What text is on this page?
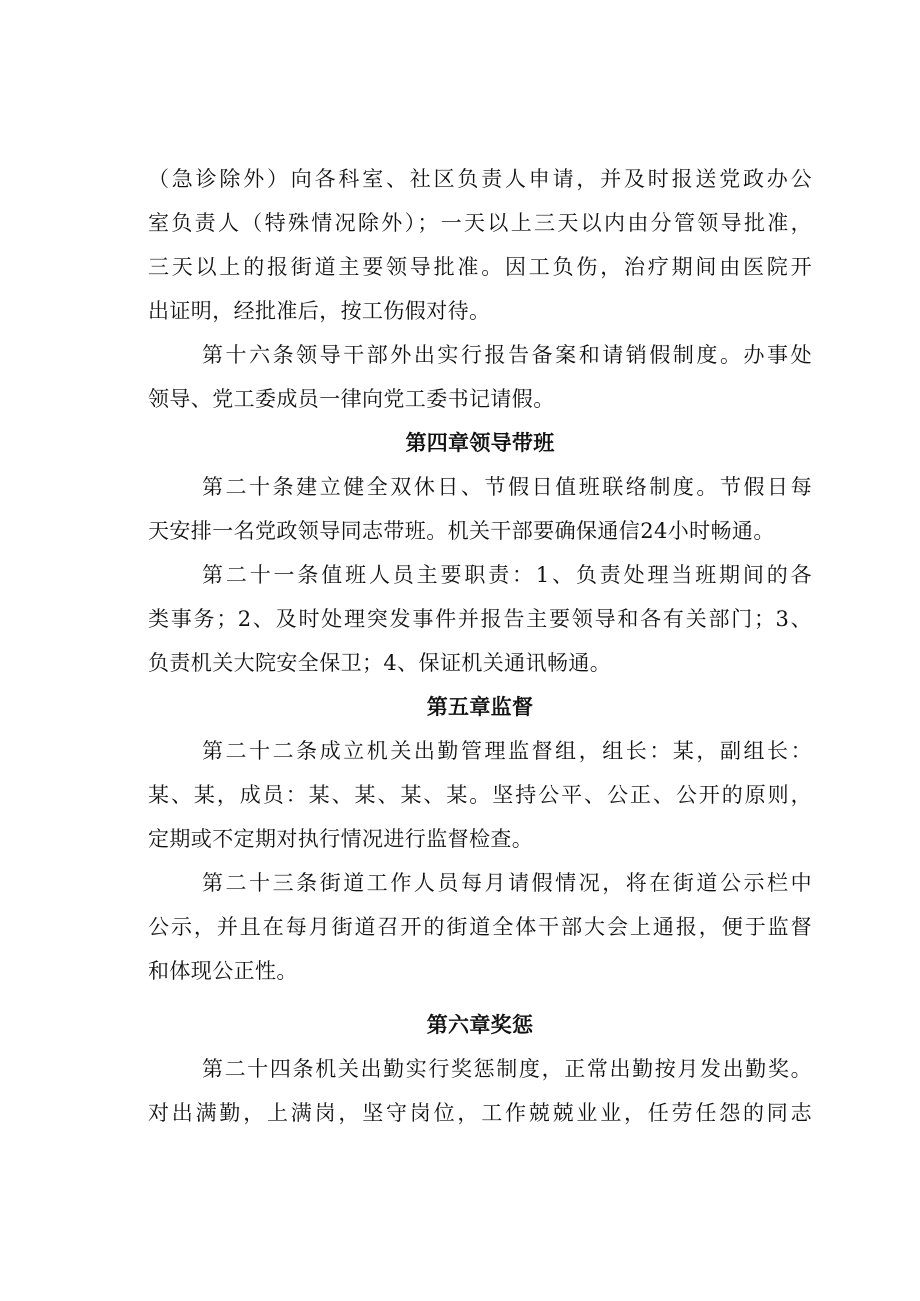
（急诊除外）向各科室、社区负责人申请，并及时报送党政办公
室负责人（特殊情况除外）；一天以上三天以内由分管领导批准，
三天以上的报街道主要领导批准。因工负伤，治疗期间由医院开
出证明，经批准后，按工伤假对待。

第十六条领导干部外出实行报告备案和请销假制度。办事处
领导、党工委成员一律向党工委书记请假。

第四章领导带班

第二十条建立健全双休日、节假日值班联络制度。节假日每
天安排一名党政领导同志带班。机关干部要确保通信24小时畅通。

第二十一条值班人员主要职责：1、负责处理当班期间的各
类事务；2、及时处理突发事件并报告主要领导和各有关部门；3、
负责机关大院安全保卫；4、保证机关通讯畅通。

第五章监督

第二十二条成立机关出勤管理监督组，组长：某，副组长：
某、某，成员：某、某、某、某。坚持公平、公正、公开的原则，
定期或不定期对执行情况进行监督检查。

第二十三条街道工作人员每月请假情况，将在街道公示栏中
公示，并且在每月街道召开的街道全体干部大会上通报，便于监督
和体现公正性。

第六章奖惩

第二十四条机关出勤实行奖惩制度，正常出勤按月发出勤奖。
对出满勤，上满岗，坚守岗位，工作兢兢业业，任劳任怨的同志
